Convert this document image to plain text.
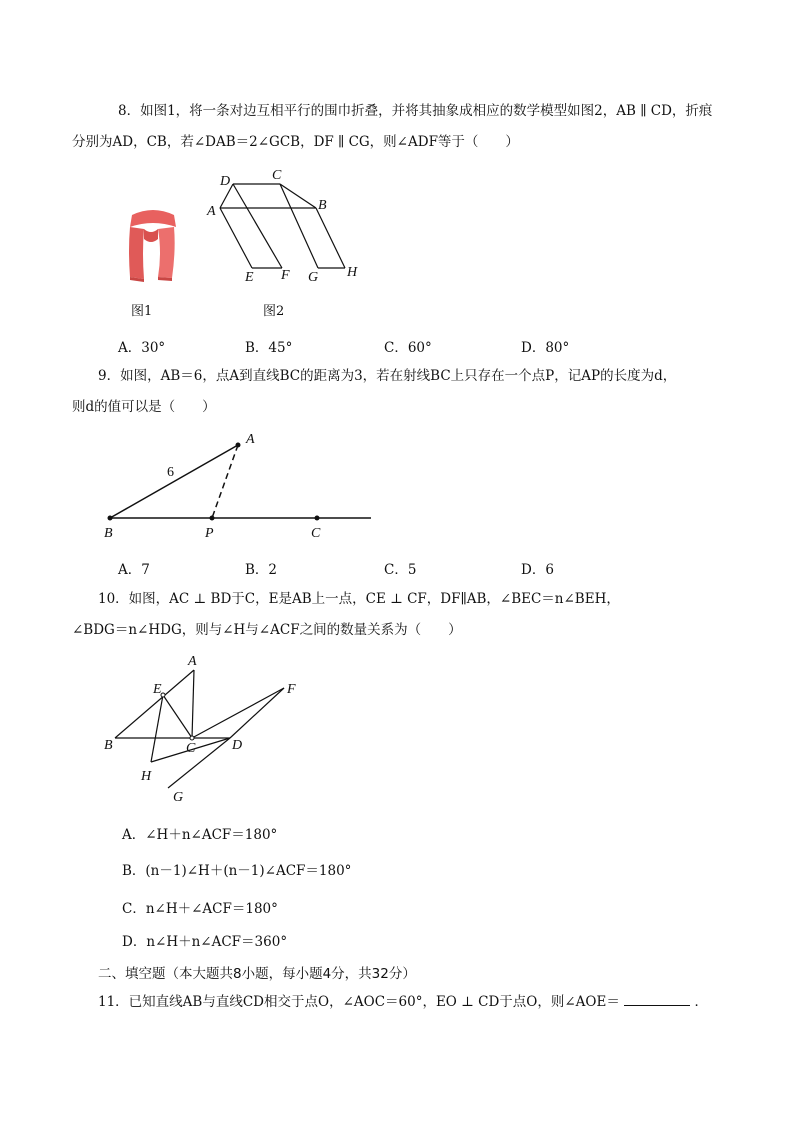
8．如图1，将一条对边互相平行的围巾折叠，并将其抽象成相应的数学模型如图2，AB ∥ CD，折痕
分别为AD，CB，若∠DAB＝2∠GCB，DF ∥ CG，则∠ADF等于（　　）
图1
D	C
A	B
E F G H
图2
A．30°	B．45°	C．60°	D．80°
9．如图，AB＝6，点A到直线BC的距离为3，若在射线BC上只存在一个点P，记AP的长度为d，
则d的值可以是（　　）
A
6
B	P	C
A．7	B．2	C．5	D．6
10．如图，AC ⊥ BD于C，E是AB上一点，CE ⊥ CF，DF∥AB，∠BEC＝n∠BEH，
∠BDG＝n∠HDG，则与∠H与∠ACF之间的数量关系为（　　）
A
E	F
B	C	D
H
G
A．∠H＋n∠ACF＝180°
B．(n－1)∠H＋(n－1)∠ACF＝180°
C．n∠H＋∠ACF＝180°
D．n∠H＋n∠ACF＝360°
二、填空题（本大题共8小题，每小题4分，共32分）
11．已知直线AB与直线CD相交于点O，∠AOC＝60°，EO ⊥ CD于点O，则∠AOE＝	．
